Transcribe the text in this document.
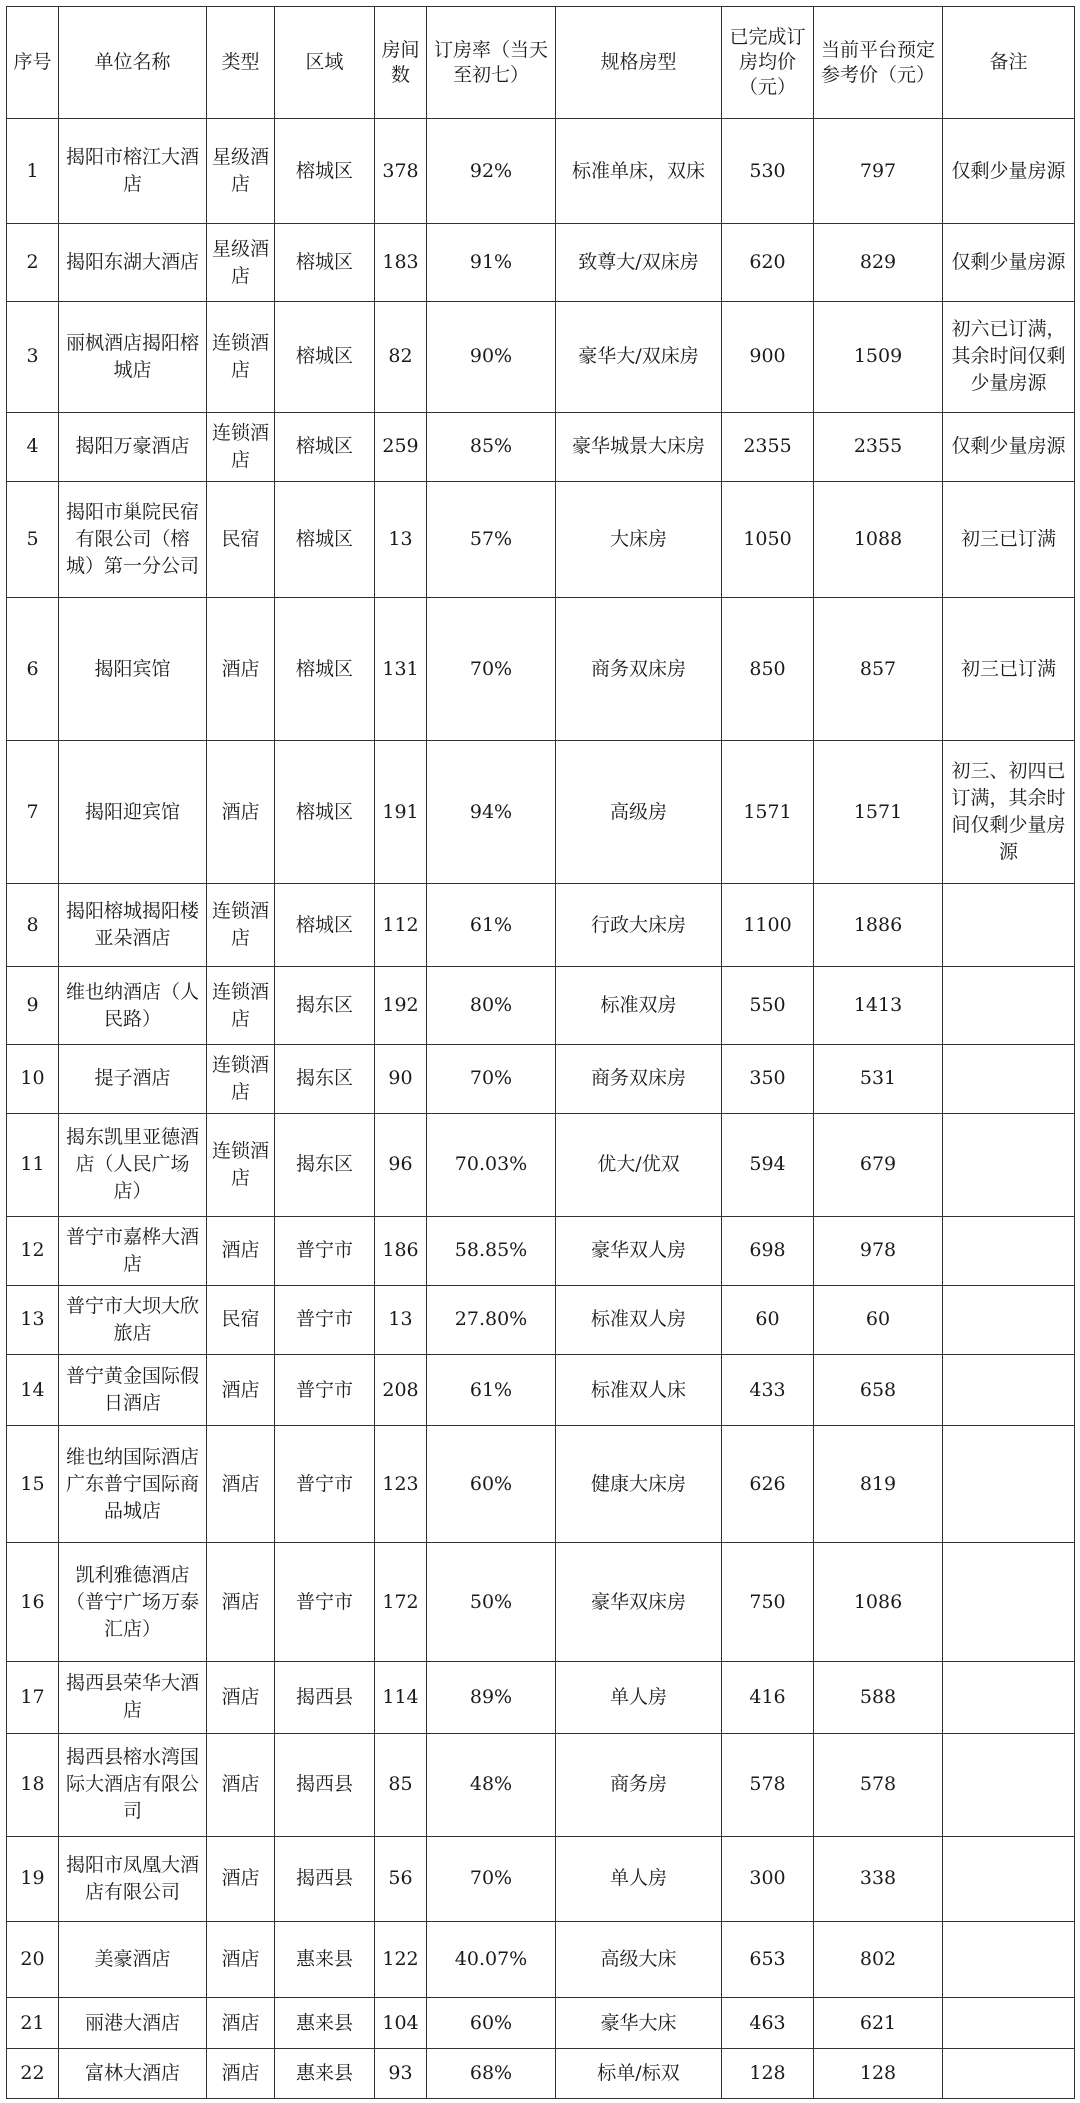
序号	单位名称	类型	区域	房间数	订房率（当天至初七）	规格房型	已完成订房均价（元）	当前平台预定参考价（元）	备注
1	揭阳市榕江大酒店	星级酒店	榕城区	378	92%	标准单床，双床	530	797	仅剩少量房源
2	揭阳东湖大酒店	星级酒店	榕城区	183	91%	致尊大/双床房	620	829	仅剩少量房源
3	丽枫酒店揭阳榕城店	连锁酒店	榕城区	82	90%	豪华大/双床房	900	1509	初六已订满，其余时间仅剩少量房源
4	揭阳万豪酒店	连锁酒店	榕城区	259	85%	豪华城景大床房	2355	2355	仅剩少量房源
5	揭阳市巢院民宿有限公司（榕城）第一分公司	民宿	榕城区	13	57%	大床房	1050	1088	初三已订满
6	揭阳宾馆	酒店	榕城区	131	70%	商务双床房	850	857	初三已订满
7	揭阳迎宾馆	酒店	榕城区	191	94%	高级房	1571	1571	初三、初四已订满，其余时间仅剩少量房源
8	揭阳榕城揭阳楼亚朵酒店	连锁酒店	榕城区	112	61%	行政大床房	1100	1886	
9	维也纳酒店（人民路）	连锁酒店	揭东区	192	80%	标准双房	550	1413	
10	提子酒店	连锁酒店	揭东区	90	70%	商务双床房	350	531	
11	揭东凯里亚德酒店（人民广场店）	连锁酒店	揭东区	96	70.03%	优大/优双	594	679	
12	普宁市嘉桦大酒店	酒店	普宁市	186	58.85%	豪华双人房	698	978	
13	普宁市大坝大欣旅店	民宿	普宁市	13	27.80%	标准双人房	60	60	
14	普宁黄金国际假日酒店	酒店	普宁市	208	61%	标准双人床	433	658	
15	维也纳国际酒店 广东普宁国际商品城店	酒店	普宁市	123	60%	健康大床房	626	819	
16	凯利雅德酒店（普宁广场万泰汇店）	酒店	普宁市	172	50%	豪华双床房	750	1086	
17	揭西县荣华大酒店	酒店	揭西县	114	89%	单人房	416	588	
18	揭西县榕水湾国际大酒店有限公司	酒店	揭西县	85	48%	商务房	578	578	
19	揭阳市凤凰大酒店有限公司	酒店	揭西县	56	70%	单人房	300	338	
20	美豪酒店	酒店	惠来县	122	40.07%	高级大床	653	802	
21	丽港大酒店	酒店	惠来县	104	60%	豪华大床	463	621	
22	富林大酒店	酒店	惠来县	93	68%	标单/标双	128	128	
